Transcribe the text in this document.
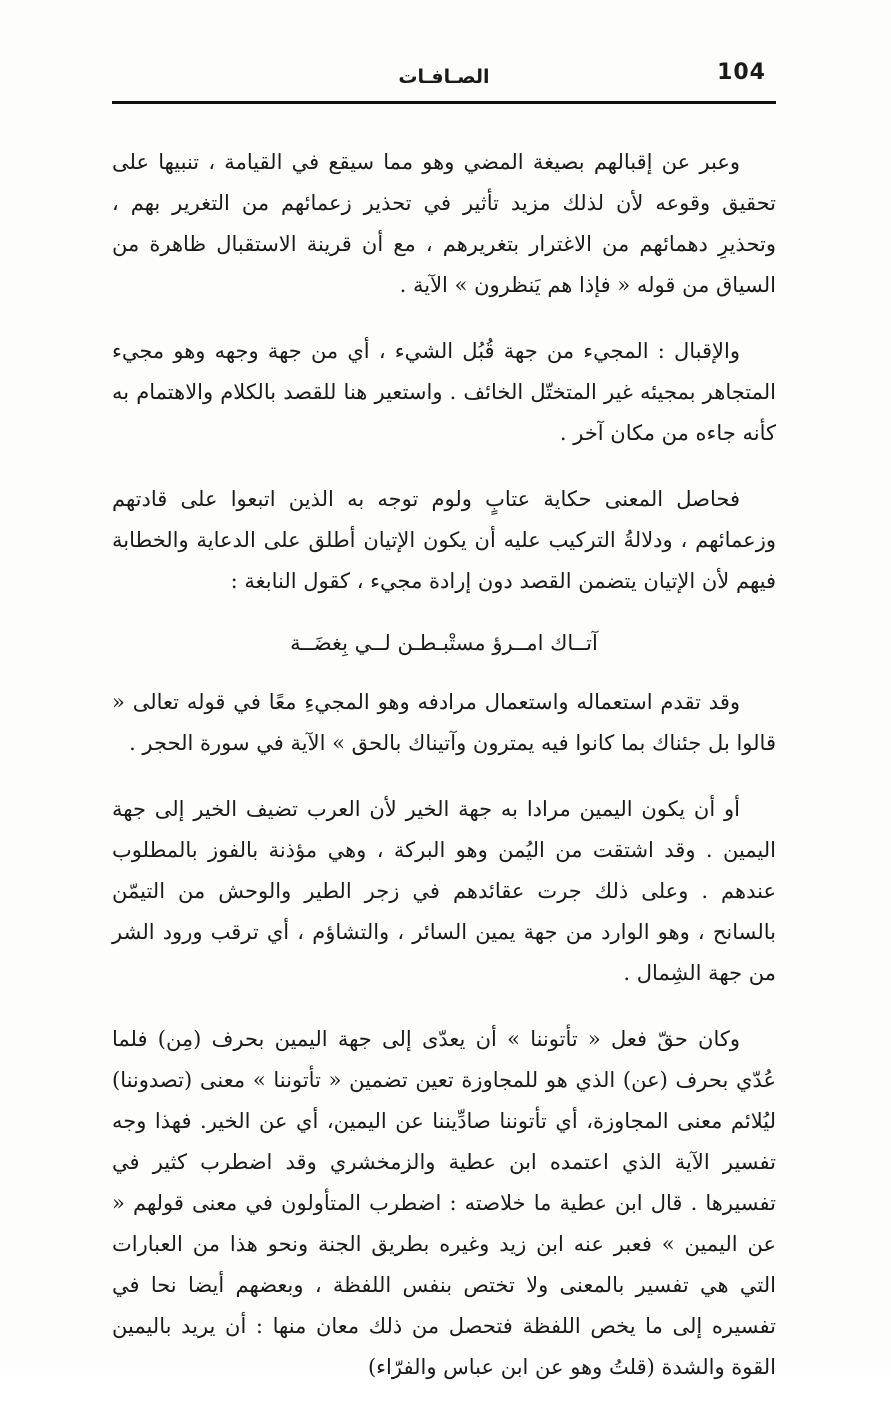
104
الصـافـات

وعبر عن إقبالهم بصيغة المضي وهو مما سيقع في القيامة ، تنبيها على تحقيق وقوعه لأن لذلك مزيد تأثير في تحذير زعمائهم من التغرير بهم ، وتحذيرِ دهمائهم من الاغترار بتغريرهم ، مع أن قرينة الاستقبال ظاهرة من السياق من قوله « فإذا هم يَنظرون » الآية .

والإقبال : المجيء من جهة قُبُل الشيء ، أي من جهة وجهه وهو مجيء المتجاهر بمجيئه غير المتختّل الخائف . واستعير هنا للقصد بالكلام والاهتمام به كأنه جاءه من مكان آخر .

فحاصل المعنى حكاية عتابٍ ولوم توجه به الذين اتبعوا على قادتهم وزعمائهم ، ودلالةُ التركيب عليه أن يكون الإتيان أطلق على الدعاية والخطابة فيهم لأن الإتيان يتضمن القصد دون إرادة مجيء ، كقول النابغة :

آتــاك امــرؤ مستْبـطـن لــي بِغضَــة

وقد تقدم استعماله واستعمال مرادفه وهو المجيءِ معًا في قوله تعالى « قالوا بل جئناك بما كانوا فيه يمترون وآتيناك بالحق » الآية في سورة الحجر .

أو أن يكون اليمين مرادا به جهة الخير لأن العرب تضيف الخير إلى جهة اليمين . وقد اشتقت من اليُمن وهو البركة ، وهي مؤذنة بالفوز بالمطلوب عندهم . وعلى ذلك جرت عقائدهم في زجر الطير والوحش من التيمّن بالسانح ، وهو الوارد من جهة يمين السائر ، والتشاؤم ، أي ترقب ورود الشر من جهة الشِمال .

وكان حقّ فعل « تأتوننا » أن يعدّى إلى جهة اليمين بحرف (مِن) فلما عُدّي بحرف (عن) الذي هو للمجاوزة تعين تضمين « تأتوننا » معنى (تصدوننا) ليُلائم معنى المجاوزة، أي تأتوننا صادِّيننا عن اليمين، أي عن الخير. فهذا وجه تفسير الآية الذي اعتمده ابن عطية والزمخشري وقد اضطرب كثير في تفسيرها . قال ابن عطية ما خلاصته : اضطرب المتأولون في معنى قولهم « عن اليمين » فعبر عنه ابن زيد وغيره بطريق الجنة ونحو هذا من العبارات التي هي تفسير بالمعنى ولا تختص بنفس اللفظة ، وبعضهم أيضا نحا في تفسيره إلى ما يخص اللفظة فتحصل من ذلك معان منها : أن يريد باليمين القوة والشدة (قلتُ وهو عن ابن عباس والفرّاء)
